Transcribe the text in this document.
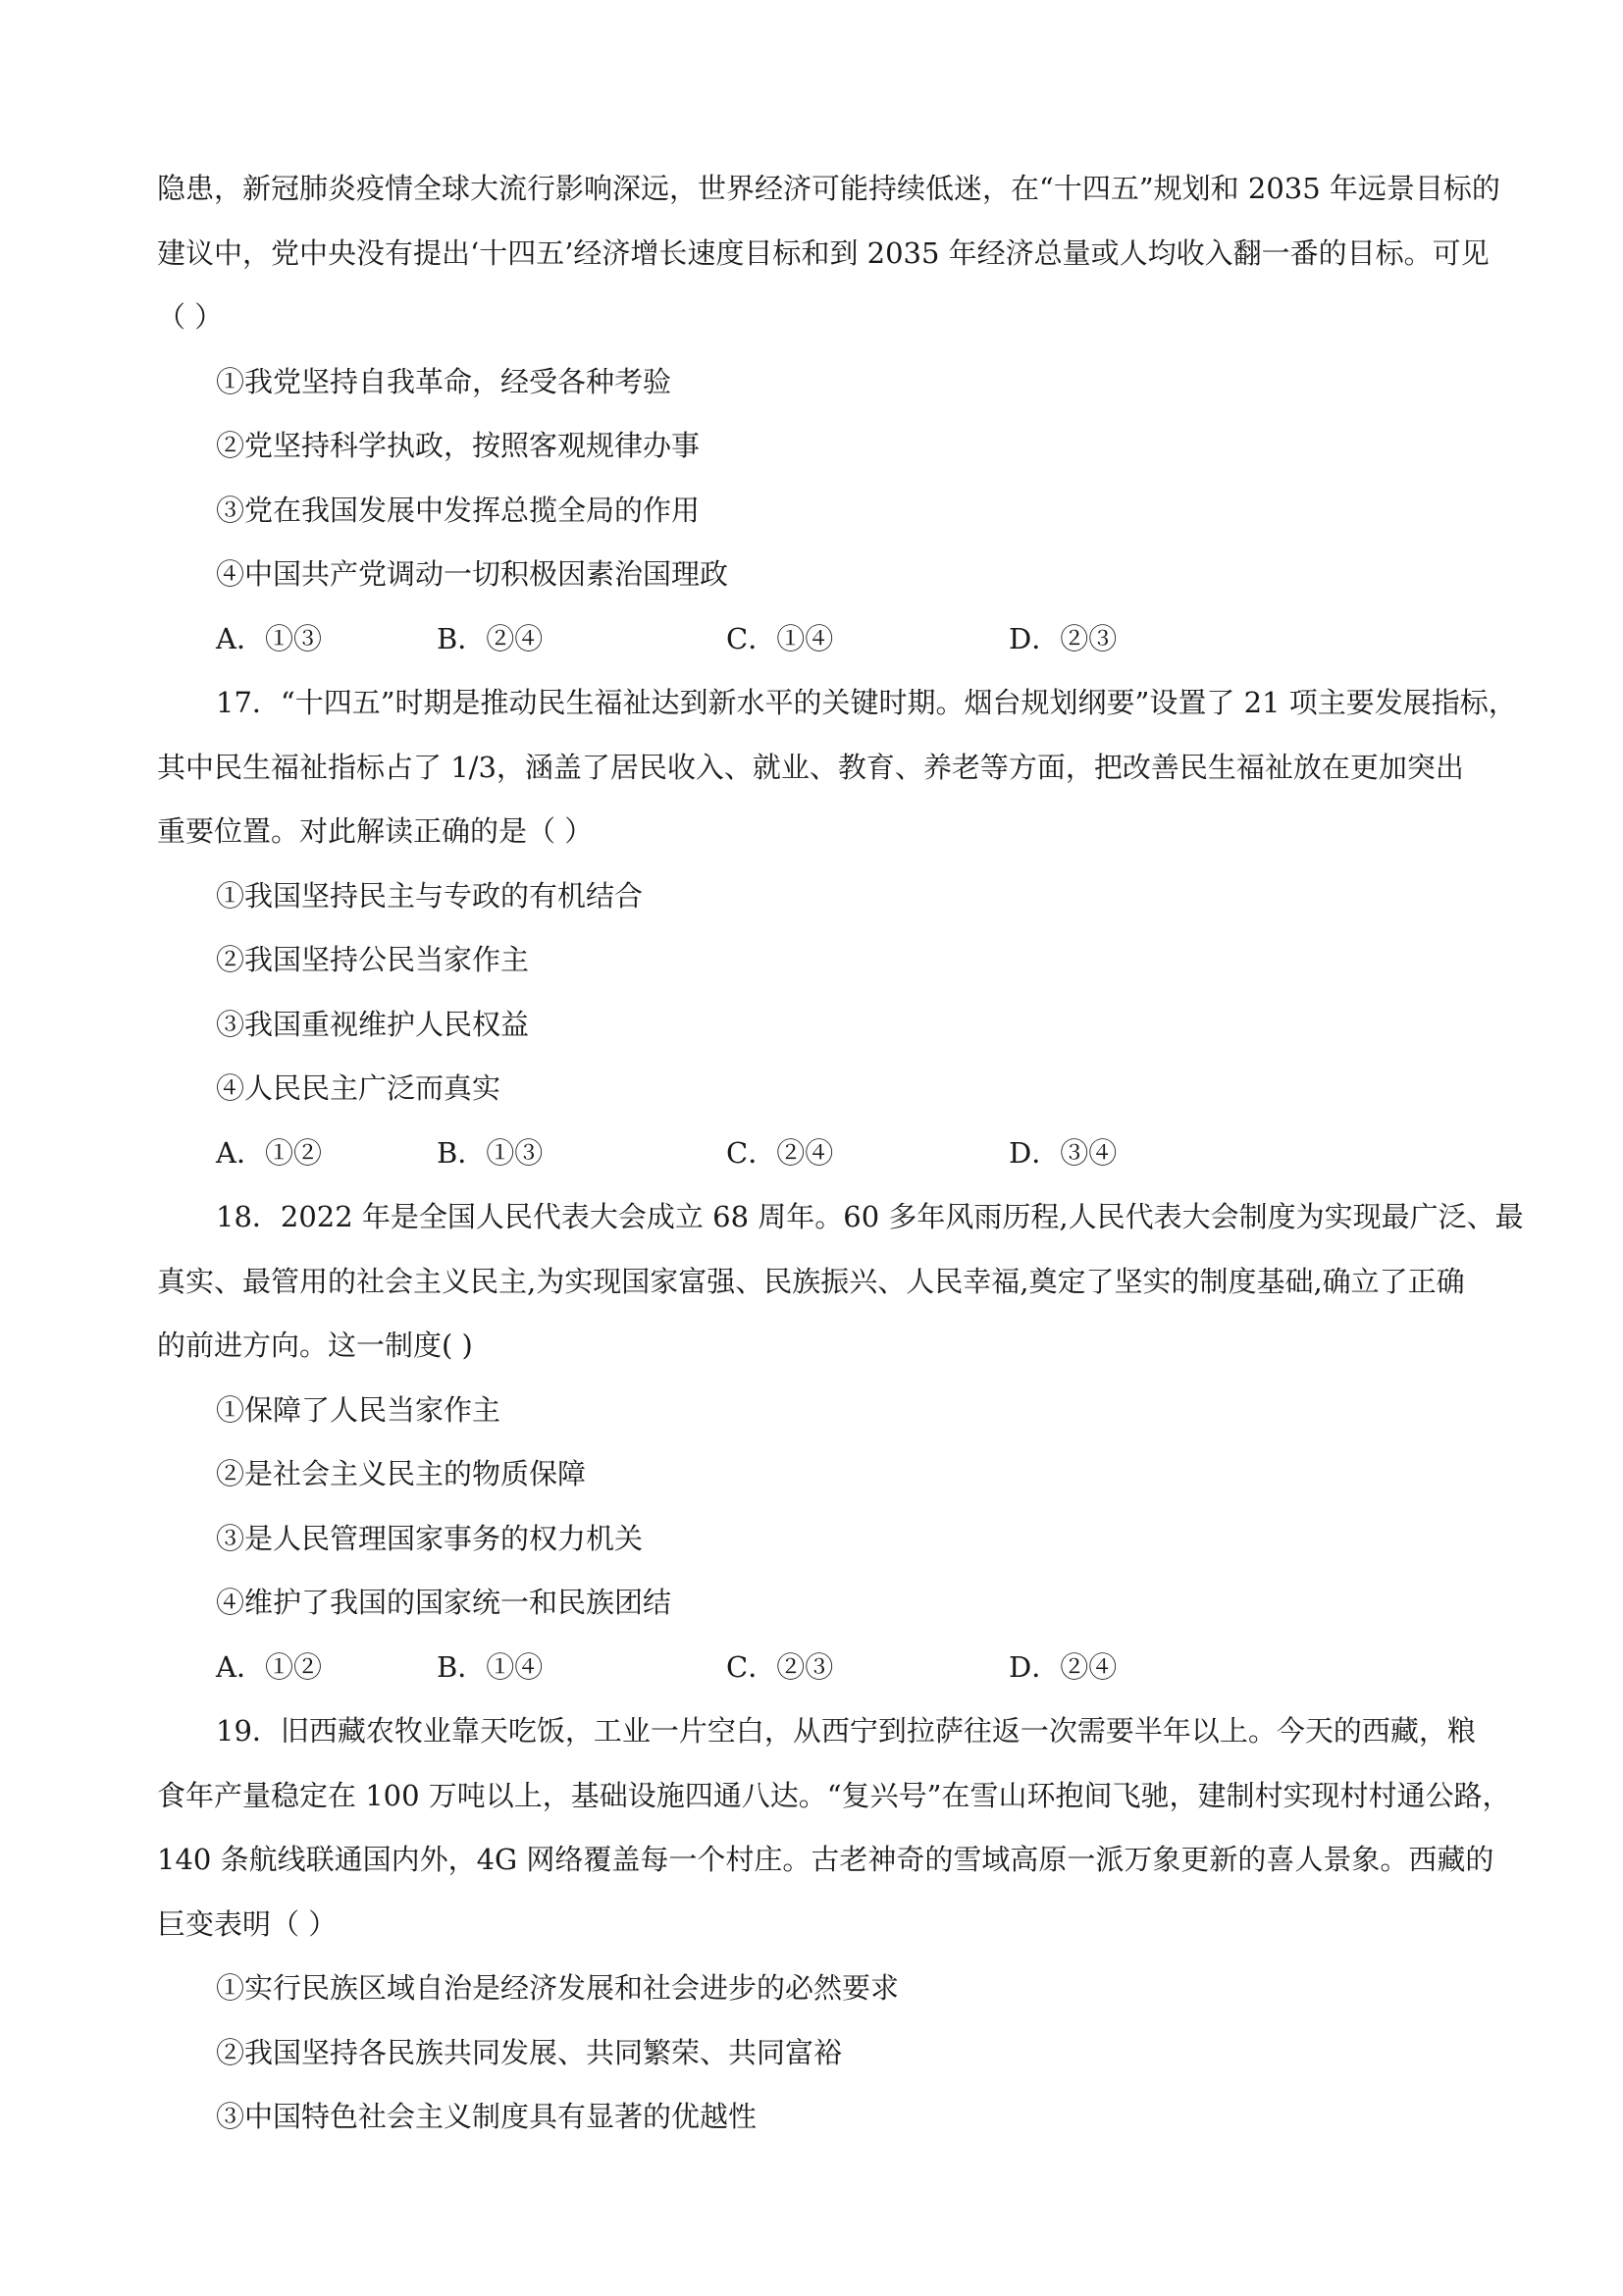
隐患，新冠肺炎疫情全球大流行影响深远，世界经济可能持续低迷，在“十四五”规划和 2035 年远景目标的
建议中，党中央没有提出‘十四五’经济增长速度目标和到 2035 年经济总量或人均收入翻一番的目标。可见
（ ）
①我党坚持自我革命，经受各种考验
②党坚持科学执政，按照客观规律办事
③党在我国发展中发挥总揽全局的作用
④中国共产党调动一切积极因素治国理政
A．①③	B．②④	C．①④	D．②③
17．“十四五”时期是推动民生福祉达到新水平的关键时期。烟台规划纲要”设置了 21 项主要发展指标，
其中民生福祉指标占了 1/3，涵盖了居民收入、就业、教育、养老等方面，把改善民生福祉放在更加突出
重要位置。对此解读正确的是（ ）
①我国坚持民主与专政的有机结合
②我国坚持公民当家作主
③我国重视维护人民权益
④人民民主广泛而真实
A．①②	B．①③	C．②④	D．③④
18．2022 年是全国人民代表大会成立 68 周年。60 多年风雨历程,人民代表大会制度为实现最广泛、最
真实、最管用的社会主义民主,为实现国家富强、民族振兴、人民幸福,奠定了坚实的制度基础,确立了正确
的前进方向。这一制度( )
①保障了人民当家作主
②是社会主义民主的物质保障
③是人民管理国家事务的权力机关
④维护了我国的国家统一和民族团结
A．①②	B．①④	C．②③	D．②④
19．旧西藏农牧业靠天吃饭，工业一片空白，从西宁到拉萨往返一次需要半年以上。今天的西藏，粮
食年产量稳定在 100 万吨以上，基础设施四通八达。“复兴号”在雪山环抱间飞驰，建制村实现村村通公路，
140 条航线联通国内外，4G 网络覆盖每一个村庄。古老神奇的雪域高原一派万象更新的喜人景象。西藏的
巨变表明（ ）
①实行民族区域自治是经济发展和社会进步的必然要求
②我国坚持各民族共同发展、共同繁荣、共同富裕
③中国特色社会主义制度具有显著的优越性
